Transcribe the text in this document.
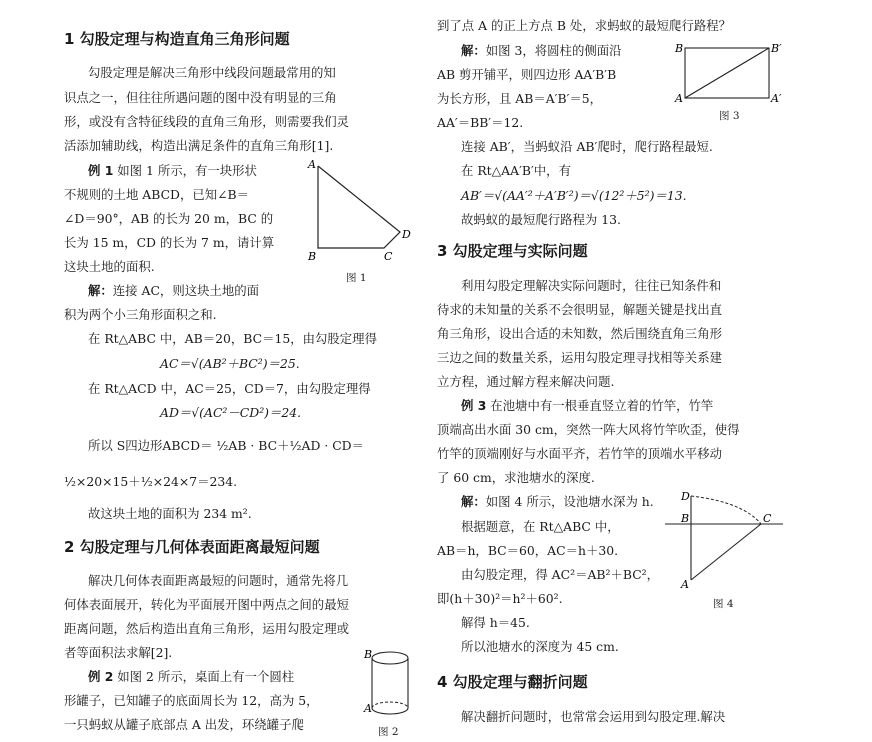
1 勾股定理与构造直角三角形问题
勾股定理是解决三角形中线段问题最常用的知
识点之一，但往往所遇问题的图中没有明显的三角
形，或没有含特征线段的直角三角形，则需要我们灵
活添加辅助线，构造出满足条件的直角三角形[1].
例 1 如图 1 所示，有一块形状
不规则的土地 ABCD，已知∠B＝
∠D＝90°，AB 的长为 20 m，BC 的
长为 15 m，CD 的长为 7 m，请计算
这块土地的面积.
解：连接 AC，则这块土地的面
积为两个小三角形面积之和.
在 Rt△ABC 中，AB＝20，BC＝15，由勾股定理得
AC＝√(AB²＋BC²)＝25.
在 Rt△ACD 中，AC＝25，CD＝7，由勾股定理得
AD＝√(AC²－CD²)＝24.
所以 S四边形ABCD＝ ½AB · BC＋½AD · CD＝
½×20×15＋½×24×7＝234.
故这块土地的面积为 234 m².
A
B	C
D
图 1
2 勾股定理与几何体表面距离最短问题
解决几何体表面距离最短的问题时，通常先将几
何体表面展开，转化为平面展开图中两点之间的最短
距离问题，然后构造出直角三角形，运用勾股定理或
者等面积法求解[2].
例 2 如图 2 所示，桌面上有一个圆柱
形罐子，已知罐子的底面周长为 12，高为 5，
一只蚂蚁从罐子底部点 A 出发，环绕罐子爬
B
A
图 2
到了点 A 的正上方点 B 处，求蚂蚁的最短爬行路程？
解：如图 3，将圆柱的侧面沿
AB 剪开铺平，则四边形 AA′B′B
为长方形，且 AB＝A′B′＝5，
AA′＝BB′＝12.
B	B′
A	A′
图 3
连接 AB′，当蚂蚁沿 AB′爬时，爬行路程最短.
在 Rt△AA′B′中，有
AB′＝√(AA′²＋A′B′²)＝√(12²＋5²)＝13.
故蚂蚁的最短爬行路程为 13.
3 勾股定理与实际问题
利用勾股定理解决实际问题时，往往已知条件和
待求的未知量的关系不会很明显，解题关键是找出直
角三角形，设出合适的未知数，然后围绕直角三角形
三边之间的数量关系，运用勾股定理寻找相等关系建
立方程，通过解方程来解决问题.
例 3 在池塘中有一根垂直竖立着的竹竿，竹竿
顶端高出水面 30 cm，突然一阵大风将竹竿吹歪，使得
竹竿的顶端刚好与水面平齐，若竹竿的顶端水平移动
了 60 cm，求池塘水的深度.
解：如图 4 所示，设池塘水深为 h.
根据题意，在 Rt△ABC 中，
AB＝h，BC＝60，AC＝h＋30.
由勾股定理，得 AC²＝AB²＋BC²，
即(h＋30)²＝h²＋60².
解得 h＝45.
所以池塘水的深度为 45 cm.
D
B	C
A
图 4
4 勾股定理与翻折问题
解决翻折问题时，也常常会运用到勾股定理.解决
